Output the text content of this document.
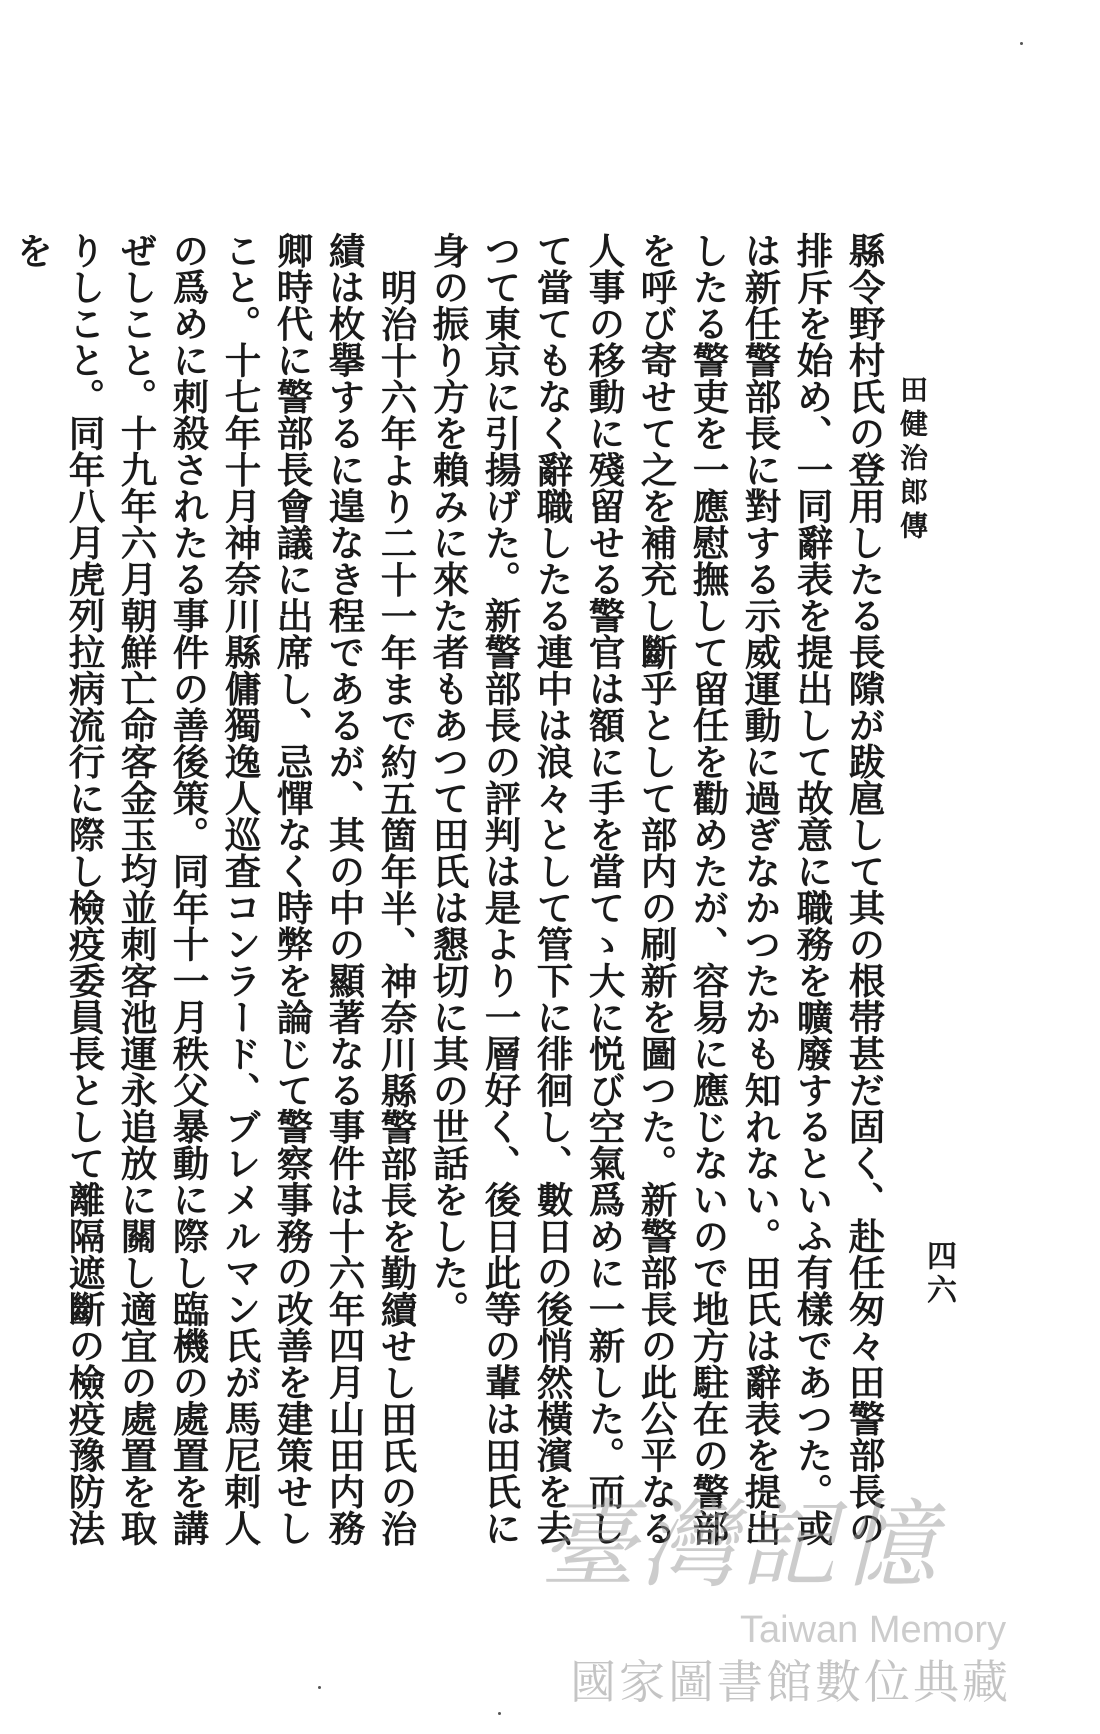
田健治郎傳

縣令野村氏の登用したる長𨻶が跋扈して其の根帯甚だ固く、赴任匆々田警部長の排斥を始め、一同辭表を提出して故意に職務を曠廢するといふ有樣であつた。或は新任警部長に對する示威運動に過ぎなかつたかも知れない。田氏は辭表を提出したる警吏を一應慰撫して留任を勸めたが、容易に應じないので地方駐在の警部を呼び寄せて之を補充し斷乎として部内の刷新を圖つた。新警部長の此公平なる人事の移動に殘留せる警官は額に手を當てゝ大に悦び空氣爲めに一新した。而して當てもなく辭職したる連中は浪々として管下に徘徊し、數日の後悄然橫濱を去つて東京に引揚げた。新警部長の評判は是より一層好く、後日此等の輩は田氏に身の振り方を賴みに來た者もあつて田氏は懇切に其の世話をした。

明治十六年より二十一年まで約五箇年半、神奈川縣警部長を勤續せし田氏の治績は枚擧するに遑なき程であるが、其の中の顯著なる事件は十六年四月山田内務卿時代に警部長會議に出席し、忌憚なく時弊を論じて警察事務の改善を建策せしこと。十七年十月神奈川縣傭獨逸人巡査コンラード、ブレメルマン氏が馬尼剌人の爲めに刺殺されたる事件の善後策。同年十一月秩父暴動に際し臨機の處置を講ぜしこと。十九年六月朝鮮亡命客金玉均並刺客池運永追放に關し適宜の處置を取りしこと。同年八月虎列拉病流行に際し檢疫委員長として離隔遮斷の檢疫豫防法を

四六
臺灣記憶
Taiwan Memory
國家圖書館數位典藏
